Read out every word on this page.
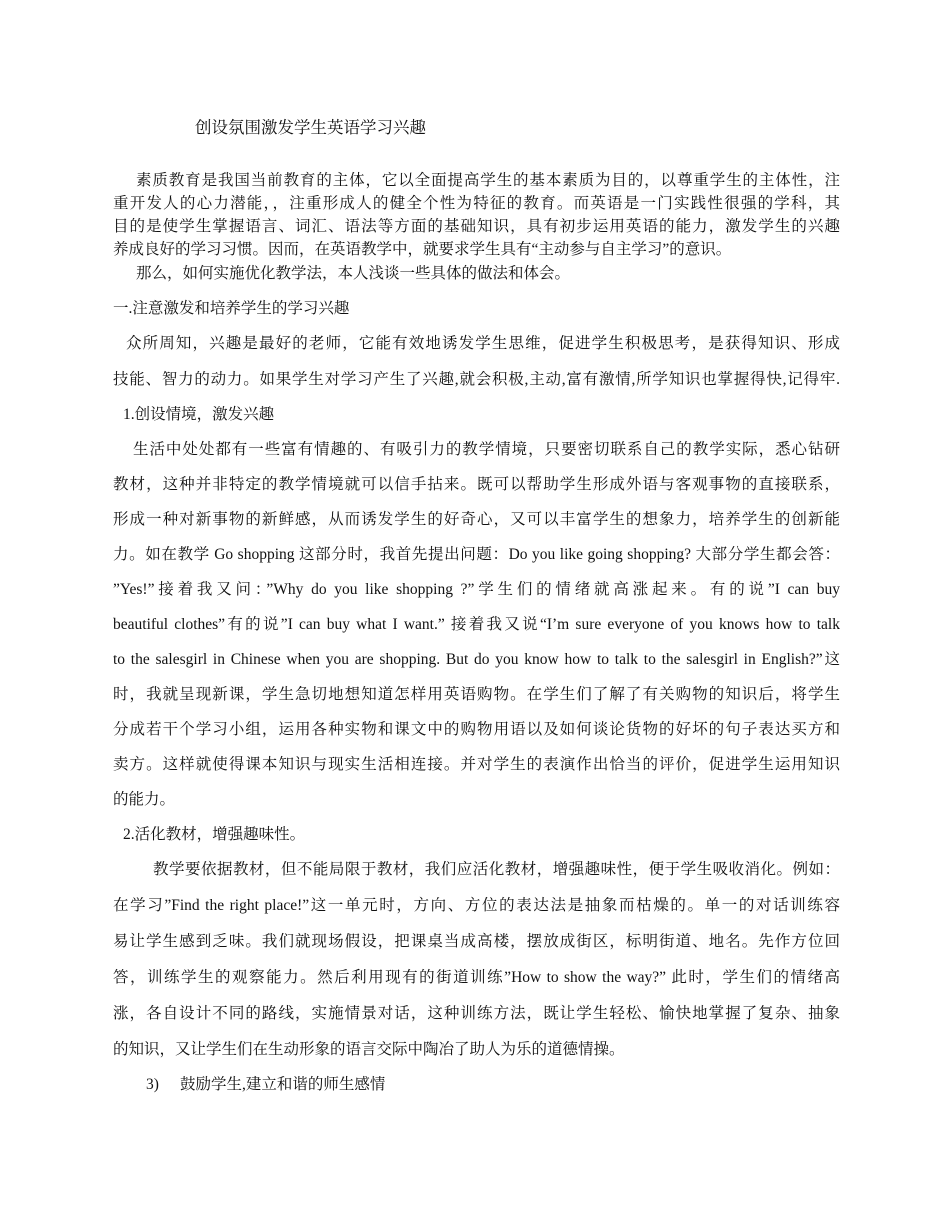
创设氛围激发学生英语学习兴趣
素质教育是我国当前教育的主体，它以全面提高学生的基本素质为目的，以尊重学生的主体性，注
重开发人的心力潜能，，注重形成人的健全个性为特征的教育。而英语是一门实践性很强的学科，其
目的是使学生掌握语言、词汇、语法等方面的基础知识，具有初步运用英语的能力，激发学生的兴趣
养成良好的学习习惯。因而，在英语教学中，就要求学生具有“主动参与自主学习”的意识。
那么，如何实施优化教学法，本人浅谈一些具体的做法和体会。
一.注意激发和培养学生的学习兴趣
众所周知，兴趣是最好的老师，它能有效地诱发学生思维，促进学生积极思考，是获得知识、形成
技能、智力的动力。如果学生对学习产生了兴趣,就会积极,主动,富有激情,所学知识也掌握得快,记得牢.
1.创设情境，激发兴趣
生活中处处都有一些富有情趣的、有吸引力的教学情境，只要密切联系自己的教学实际，悉心钻研
教材，这种并非特定的教学情境就可以信手拈来。既可以帮助学生形成外语与客观事物的直接联系，
形成一种对新事物的新鲜感，从而诱发学生的好奇心，又可以丰富学生的想象力，培养学生的创新能
力。如在教学 Go shopping 这部分时，我首先提出问题：Do you like going shopping? 大部分学生都会答：
”Yes!”接着我又问：”Why do you like shopping ?”学生们的情绪就高涨起来。有的说”I can buy
beautiful clothes”有的说”I can buy what I want.” 接着我又说“I’m sure everyone of you knows how to talk
to the salesgirl in Chinese when you are shopping. But do you know how to talk to the salesgirl in English?”这
时，我就呈现新课，学生急切地想知道怎样用英语购物。在学生们了解了有关购物的知识后，将学生
分成若干个学习小组，运用各种实物和课文中的购物用语以及如何谈论货物的好坏的句子表达买方和
卖方。这样就使得课本知识与现实生活相连接。并对学生的表演作出恰当的评价，促进学生运用知识
的能力。
2.活化教材，增强趣味性。
教学要依据教材，但不能局限于教材，我们应活化教材，增强趣味性，便于学生吸收消化。例如：
在学习”Find the right place!”这一单元时，方向、方位的表达法是抽象而枯燥的。单一的对话训练容
易让学生感到乏味。我们就现场假设，把课桌当成高楼，摆放成街区，标明街道、地名。先作方位回
答，训练学生的观察能力。然后利用现有的街道训练”How to show the way?” 此时，学生们的情绪高
涨，各自设计不同的路线，实施情景对话，这种训练方法，既让学生轻松、愉快地掌握了复杂、抽象
的知识，又让学生们在生动形象的语言交际中陶冶了助人为乐的道德情操。
3) 鼓励学生,建立和谐的师生感情
